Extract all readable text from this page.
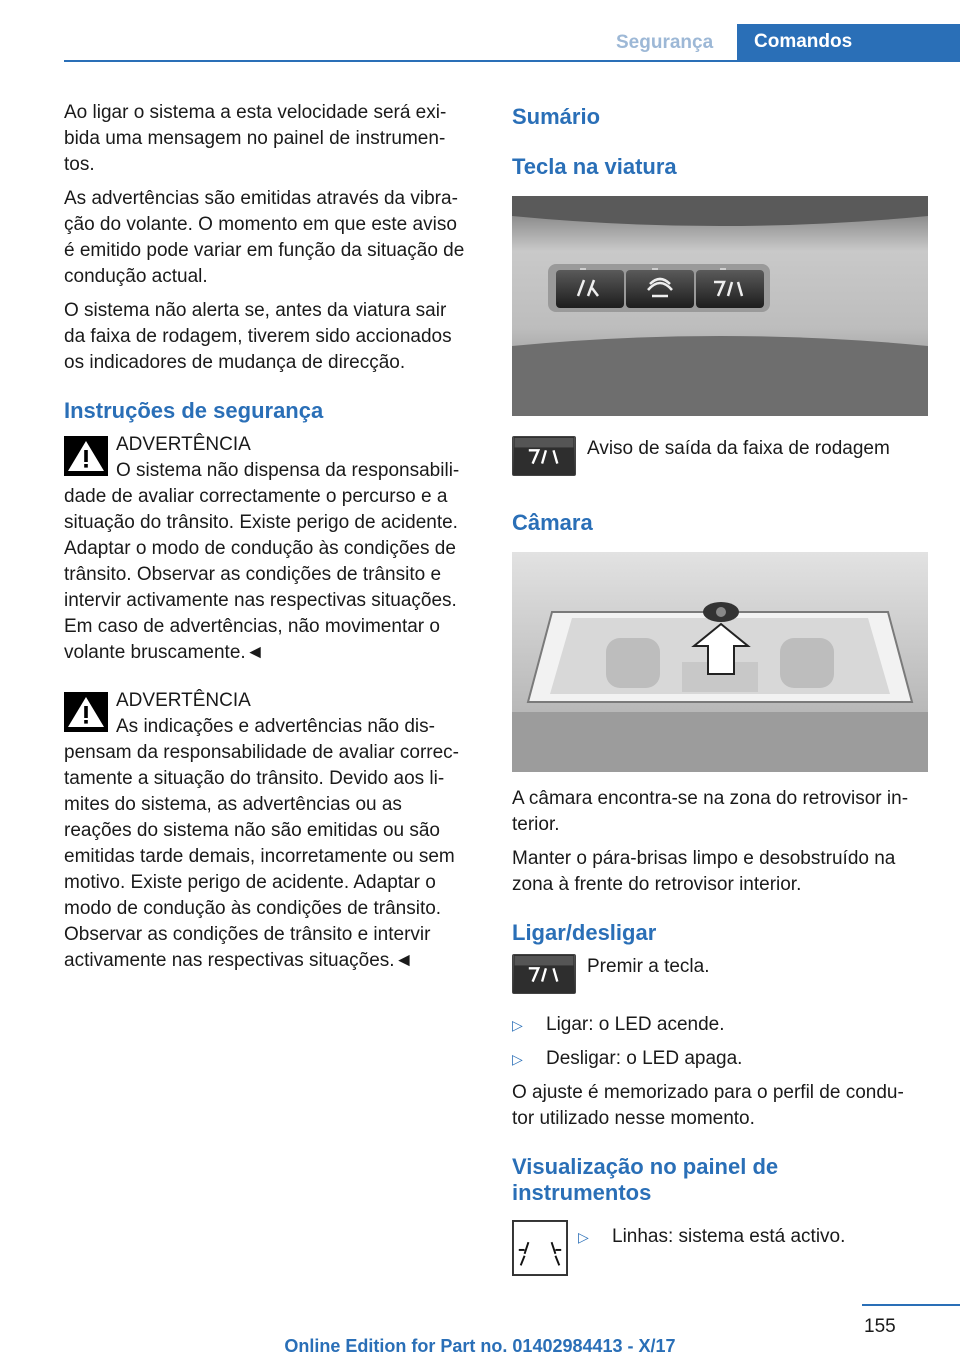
Segurança	Comandos

Ao ligar o sistema a esta velocidade será exi-
bida uma mensagem no painel de instrumen-
tos.

As advertências são emitidas através da vibra-
ção do volante. O momento em que este aviso
é emitido pode variar em função da situação de
condução actual.

O sistema não alerta se, antes da viatura sair
da faixa de rodagem, tiverem sido accionados
os indicadores de mudança de direcção.

Instruções de segurança
ADVERTÊNCIA
O sistema não dispensa da responsabili-
dade de avaliar correctamente o percurso e a
situação do trânsito. Existe perigo de acidente.
Adaptar o modo de condução às condições de
trânsito. Observar as condições de trânsito e
intervir activamente nas respectivas situações.
Em caso de advertências, não movimentar o
volante bruscamente.◄
ADVERTÊNCIA
As indicações e advertências não dis-
pensam da responsabilidade de avaliar correc-
tamente a situação do trânsito. Devido aos li-
mites do sistema, as advertências ou as
reações do sistema não são emitidas ou são
emitidas tarde demais, incorretamente ou sem
motivo. Existe perigo de acidente. Adaptar o
modo de condução às condições de trânsito.
Observar as condições de trânsito e intervir
activamente nas respectivas situações.◄
Sumário
Tecla na viatura
Aviso de saída da faixa de rodagem
Câmara

A câmara encontra-se na zona do retrovisor in-
terior.

Manter o pára-brisas limpo e desobstruído na
zona à frente do retrovisor interior.

Ligar/desligar
Premir a tecla.
▷ Ligar: o LED acende.
▷ Desligar: o LED apaga.

O ajuste é memorizado para o perfil de condu-
tor utilizado nesse momento.

Visualização no painel de
instrumentos
▷ Linhas: sistema está activo.
155
Online Edition for Part no. 01402984413 - X/17
